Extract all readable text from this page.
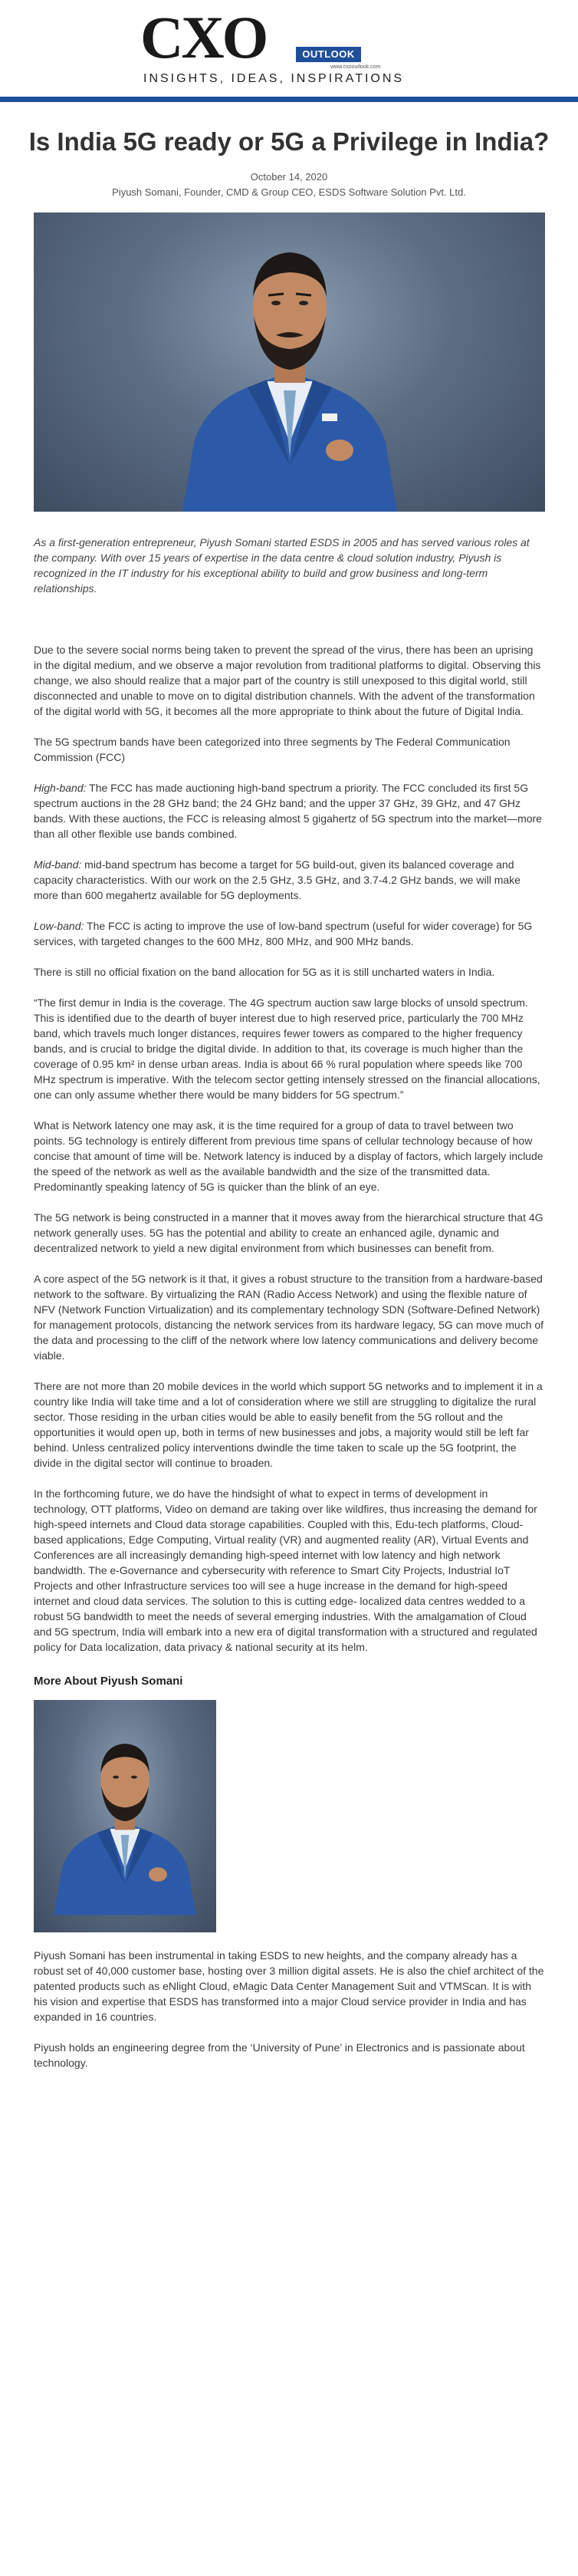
CXO	OUTLOOK
www.cxooutlook.com
INSIGHTS, IDEAS, INSPIRATIONS
Is India 5G ready or 5G a Privilege in India?
October 14, 2020
Piyush Somani, Founder, CMD & Group CEO, ESDS Software Solution Pvt. Ltd.

As a first-generation entrepreneur, Piyush Somani started ESDS in 2005 and has served various roles at the company. With over 15 years of expertise in the data centre & cloud solution industry, Piyush is recognized in the IT industry for his exceptional ability to build and grow business and long-term relationships.

Due to the severe social norms being taken to prevent the spread of the virus, there has been an uprising in the digital medium, and we observe a major revolution from traditional platforms to digital. Observing this change, we also should realize that a major part of the country is still unexposed to this digital world, still disconnected and unable to move on to digital distribution channels. With the advent of the transformation of the digital world with 5G, it becomes all the more appropriate to think about the future of Digital India.

The 5G spectrum bands have been categorized into three segments by The Federal Communication Commission (FCC)

High-band: The FCC has made auctioning high-band spectrum a priority. The FCC concluded its first 5G spectrum auctions in the 28 GHz band; the 24 GHz band; and the upper 37 GHz, 39 GHz, and 47 GHz bands. With these auctions, the FCC is releasing almost 5 gigahertz of 5G spectrum into the market—more than all other flexible use bands combined.

Mid-band: mid-band spectrum has become a target for 5G build-out, given its balanced coverage and capacity characteristics. With our work on the 2.5 GHz, 3.5 GHz, and 3.7-4.2 GHz bands, we will make more than 600 megahertz available for 5G deployments.

Low-band: The FCC is acting to improve the use of low-band spectrum (useful for wider coverage) for 5G services, with targeted changes to the 600 MHz, 800 MHz, and 900 MHz bands.

There is still no official fixation on the band allocation for 5G as it is still uncharted waters in India.

“The first demur in India is the coverage. The 4G spectrum auction saw large blocks of unsold spectrum. This is identified due to the dearth of buyer interest due to high reserved price, particularly the 700 MHz band, which travels much longer distances, requires fewer towers as compared to the higher frequency bands, and is crucial to bridge the digital divide. In addition to that, its coverage is much higher than the coverage of 0.95 km² in dense urban areas. India is about 66 % rural population where speeds like 700 MHz spectrum is imperative. With the telecom sector getting intensely stressed on the financial allocations, one can only assume whether there would be many bidders for 5G spectrum.”

What is Network latency one may ask, it is the time required for a group of data to travel between two points. 5G technology is entirely different from previous time spans of cellular technology because of how concise that amount of time will be. Network latency is induced by a display of factors, which largely include the speed of the network as well as the available bandwidth and the size of the transmitted data. Predominantly speaking latency of 5G is quicker than the blink of an eye.

The 5G network is being constructed in a manner that it moves away from the hierarchical structure that 4G network generally uses. 5G has the potential and ability to create an enhanced agile, dynamic and decentralized network to yield a new digital environment from which businesses can benefit from.

A core aspect of the 5G network is it that, it gives a robust structure to the transition from a hardware-based network to the software. By virtualizing the RAN (Radio Access Network) and using the flexible nature of NFV (Network Function Virtualization) and its complementary technology SDN (Software-Defined Network) for management protocols, distancing the network services from its hardware legacy, 5G can move much of the data and processing to the cliff of the network where low latency communications and delivery become viable.

There are not more than 20 mobile devices in the world which support 5G networks and to implement it in a country like India will take time and a lot of consideration where we still are struggling to digitalize the rural sector. Those residing in the urban cities would be able to easily benefit from the 5G rollout and the opportunities it would open up, both in terms of new businesses and jobs, a majority would still be left far behind. Unless centralized policy interventions dwindle the time taken to scale up the 5G footprint, the divide in the digital sector will continue to broaden.

In the forthcoming future, we do have the hindsight of what to expect in terms of development in technology, OTT platforms, Video on demand are taking over like wildfires, thus increasing the demand for high-speed internets and Cloud data storage capabilities. Coupled with this, Edu-tech platforms, Cloud-based applications, Edge Computing, Virtual reality (VR) and augmented reality (AR), Virtual Events and Conferences are all increasingly demanding high-speed internet with low latency and high network bandwidth. The e-Governance and cybersecurity with reference to Smart City Projects, Industrial IoT Projects and other Infrastructure services too will see a huge increase in the demand for high-speed internet and cloud data services. The solution to this is cutting edge- localized data centres wedded to a robust 5G bandwidth to meet the needs of several emerging industries. With the amalgamation of Cloud and 5G spectrum, India will embark into a new era of digital transformation with a structured and regulated policy for Data localization, data privacy & national security at its helm.

More About Piyush Somani

Piyush Somani has been instrumental in taking ESDS to new heights, and the company already has a robust set of 40,000 customer base, hosting over 3 million digital assets. He is also the chief architect of the patented products such as eNlight Cloud, eMagic Data Center Management Suit and VTMScan. It is with his vision and expertise that ESDS has transformed into a major Cloud service provider in India and has expanded in 16 countries.

Piyush holds an engineering degree from the ‘University of Pune’ in Electronics and is passionate about technology.
